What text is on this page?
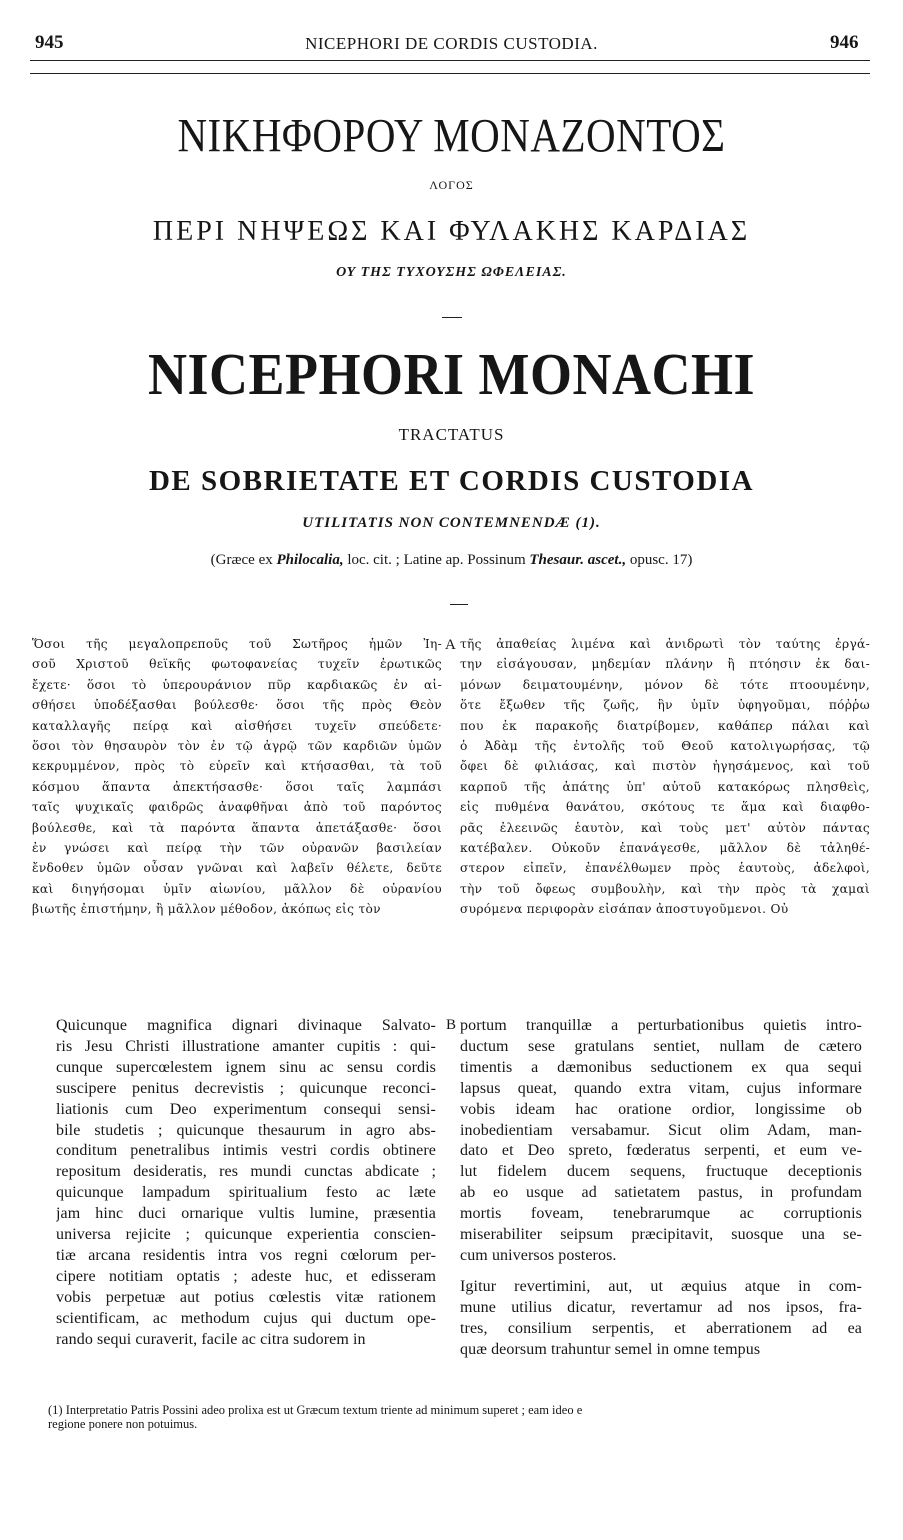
945	NICEPHORI DE CORDIS CUSTODIA.	946
ΝΙΚΗΦΟΡΟΥ ΜΟΝΑΖΟΝΤΟΣ
ΛΟΓΟΣ
ΠΕΡΙ ΝΗΨΕΩΣ ΚΑΙ ΦΥΛΑΚΗΣ ΚΑΡΔΙΑΣ
ΟΥ ΤΗΣ ΤΥΧΟΥΣΗΣ ΩΦΕΛΕΙΑΣ.
NICEPHORI MONACHI
TRACTATUS
DE SOBRIETATE ET CORDIS CUSTODIA
UTILITATIS NON CONTEMNENDÆ (1).
(Græce ex Philocalia, loc. cit. ; Latine ap. Possinum Thesaur. ascet., opusc. 17)
Ὅσοι τῆς μεγαλοπρεποῦς τοῦ Σωτῆρος ἡμῶν Ἰη-
σοῦ Χριστοῦ θεϊκῆς φωτοφανείας τυχεῖν ἐρωτικῶς
ἔχετε· ὅσοι τὸ ὑπερουράνιον πῦρ καρδιακῶς ἐν αἰ-
σθήσει ὑποδέξασθαι βούλεσθε· ὅσοι τῆς πρὸς Θεὸν
καταλλαγῆς πείρᾳ καὶ αἰσθήσει τυχεῖν σπεύδετε·
ὅσοι τὸν θησαυρὸν τὸν ἐν τῷ ἀγρῷ τῶν καρδιῶν ὑμῶν
κεκρυμμένον, πρὸς τὸ εὑρεῖν καὶ κτήσασθαι, τὰ τοῦ
κόσμου ἅπαντα ἀπεκτήσασθε· ὅσοι ταῖς λαμπάσι
ταῖς ψυχικαῖς φαιδρῶς ἀναφθῆναι ἀπὸ τοῦ παρόντος
βούλεσθε, καὶ τὰ παρόντα ἅπαντα ἀπετάξασθε· ὅσοι
ἐν γνώσει καὶ πείρᾳ τὴν τῶν οὐρανῶν βασιλείαν
ἔνδοθεν ὑμῶν οὖσαν γνῶναι καὶ λαβεῖν θέλετε, δεῦτε
καὶ διηγήσομαι ὑμῖν αἰωνίου, μᾶλλον δὲ οὐρανίου
βιωτῆς ἐπιστήμην, ἢ μᾶλλον μέθοδον, ἀκόπως εἰς τὸν
A τῆς ἀπαθείας λιμένα καὶ ἀνιδρωτὶ τὸν ταύτης ἐργά-
την εἰσάγουσαν, μηδεμίαν πλάνην ἢ πτόησιν ἐκ δαι-
μόνων δειματουμένην, μόνον δὲ τότε πτοουμένην,
ὅτε ἔξωθεν τῆς ζωῆς, ἣν ὑμῖν ὑφηγοῦμαι, πόῤῥω
που ἐκ παρακοῆς διατρίβομεν, καθάπερ πάλαι καὶ
ὁ Ἀδὰμ τῆς ἐντολῆς τοῦ Θεοῦ κατολιγωρήσας, τῷ
ὄφει δὲ φιλιάσας, καὶ πιστὸν ἡγησάμενος, καὶ τοῦ
καρποῦ τῆς ἀπάτης ὑπ' αὐτοῦ κατακόρως πλησθεὶς,
εἰς πυθμένα θανάτου, σκότους τε ἅμα καὶ διαφθο-
ρᾶς ἐλεεινῶς ἑαυτὸν, καὶ τοὺς μετ' αὐτὸν πάντας
κατέβαλεν. Οὐκοῦν ἐπανάγεσθε, μᾶλλον δὲ τἀληθέ-
στερον εἰπεῖν, ἐπανέλθωμεν πρὸς ἑαυτοὺς, ἀδελφοὶ,
τὴν τοῦ ὄφεως συμβουλὴν, καὶ τὴν πρὸς τὰ χαμαὶ
συρόμενα περιφορὰν εἰσάπαν ἀποστυγοῦμενοι. Οὐ
Quicunque magnifica dignari divinaque Salvato-
ris Jesu Christi illustratione amanter cupitis : qui-
cunque supercœlestem ignem sinu ac sensu cordis
suscipere penitus decrevistis ; quicunque reconci-
liationis cum Deo experimentum consequi sensi-
bile studetis ; quicunque thesaurum in agro abs-
conditum penetralibus intimis vestri cordis obtinere
repositum desideratis, res mundi cunctas abdicate ;
quicunque lampadum spiritualium festo ac læte
jam hinc duci ornarique vultis lumine, præsentia
universa rejicite ; quicunque experientia conscien-
tiæ arcana residentis intra vos regni cœlorum per-
cipere notitiam optatis ; adeste huc, et edisseram
vobis perpetuæ aut potius cœlestis vitæ rationem
scientificam, ac methodum cujus qui ductum ope-
rando sequi curaverit, facile ac citra sudorem in
B portum tranquillæ a perturbationibus quietis intro-
ductum sese gratulans sentiet, nullam de cætero
timentis a dæmonibus seductionem ex qua sequi
lapsus queat, quando extra vitam, cujus informare
vobis ideam hac oratione ordior, longissime ob
inobedientiam versabamur. Sicut olim Adam, man-
dato et Deo spreto, fœderatus serpenti, et eum ve-
lut fidelem ducem sequens, fructuque deceptionis
ab eo usque ad satietatem pastus, in profundam
mortis foveam, tenebrarumque ac corruptionis
miserabiliter seipsum præcipitavit, suosque una se-
cum universos posteros.
Igitur revertimini, aut, ut æquius atque in com-
mune utilius dicatur, revertamur ad nos ipsos, fra-
tres, consilium serpentis, et aberrationem ad ea
quæ deorsum trahuntur semel in omne tempus
(1) Interpretatio Patris Possini adeo prolixa est ut Græcum textum triente ad minimum superet ; eam ideo e
regione ponere non potuimus.
